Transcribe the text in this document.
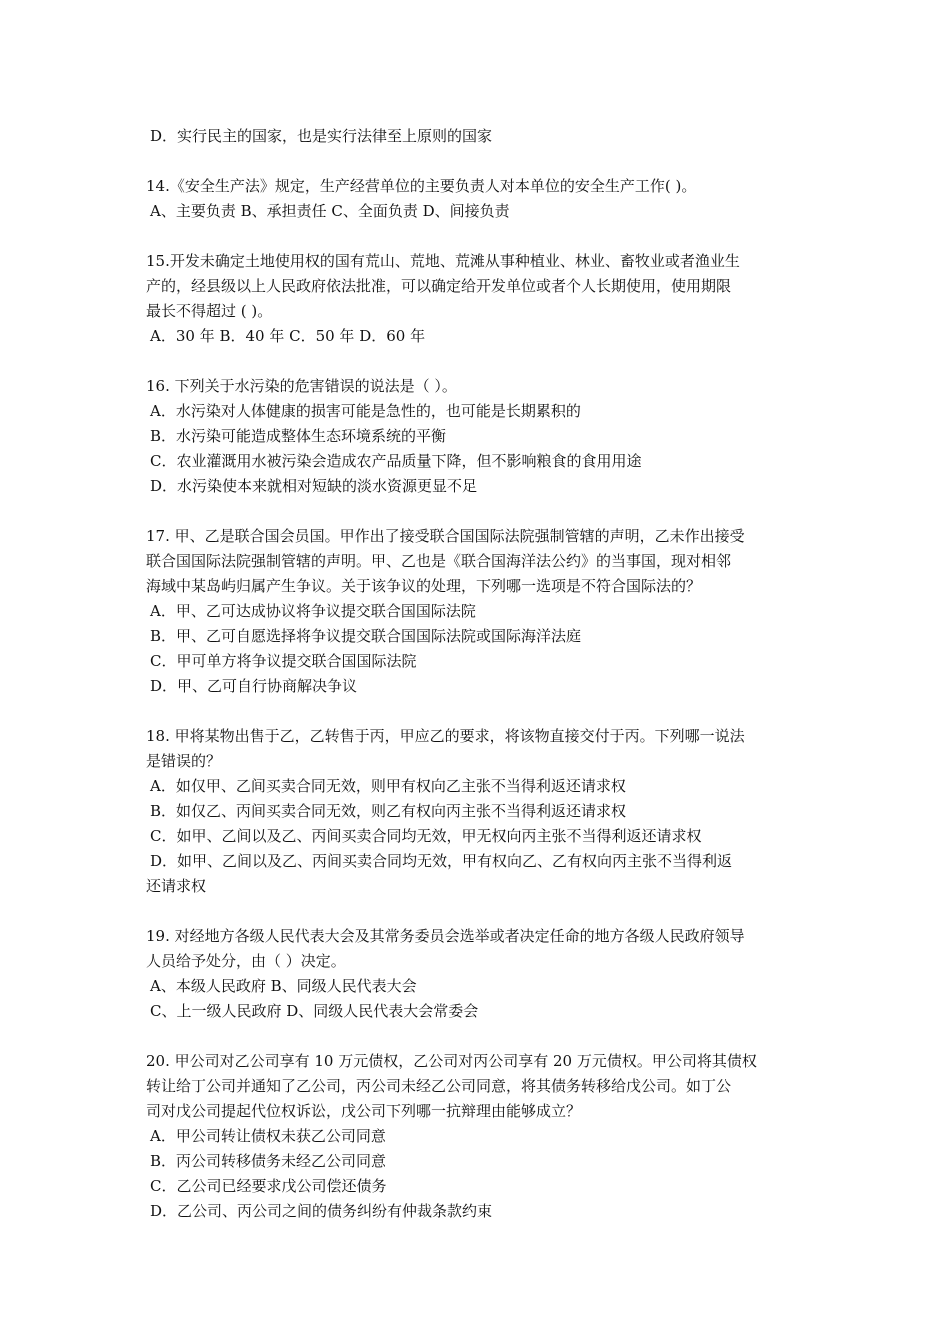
D．实行民主的国家，也是实行法律至上原则的国家
14.《安全生产法》规定，生产经营单位的主要负责人对本单位的安全生产工作( )。
A、主要负责 B、承担责任 C、全面负责 D、间接负责
15.开发未确定土地使用权的国有荒山、荒地、荒滩从事种植业、林业、畜牧业或者渔业生
产的，经县级以上人民政府依法批准，可以确定给开发单位或者个人长期使用，使用期限
最长不得超过 ( )。
A．30 年 B．40 年 C．50 年 D．60 年
16. 下列关于水污染的危害错误的说法是（ ）。
A．水污染对人体健康的损害可能是急性的，也可能是长期累积的
B．水污染可能造成整体生态环境系统的平衡
C．农业灌溉用水被污染会造成农产品质量下降，但不影响粮食的食用用途
D．水污染使本来就相对短缺的淡水资源更显不足
17. 甲、乙是联合国会员国。甲作出了接受联合国国际法院强制管辖的声明，乙未作出接受
联合国国际法院强制管辖的声明。甲、乙也是《联合国海洋法公约》的当事国，现对相邻
海域中某岛屿归属产生争议。关于该争议的处理，下列哪一选项是不符合国际法的？
A．甲、乙可达成协议将争议提交联合国国际法院
B．甲、乙可自愿选择将争议提交联合国国际法院或国际海洋法庭
C．甲可单方将争议提交联合国国际法院
D．甲、乙可自行协商解决争议
18. 甲将某物出售于乙，乙转售于丙，甲应乙的要求，将该物直接交付于丙。下列哪一说法
是错误的？
A．如仅甲、乙间买卖合同无效，则甲有权向乙主张不当得利返还请求权
B．如仅乙、丙间买卖合同无效，则乙有权向丙主张不当得利返还请求权
C．如甲、乙间以及乙、丙间买卖合同均无效，甲无权向丙主张不当得利返还请求权
D．如甲、乙间以及乙、丙间买卖合同均无效，甲有权向乙、乙有权向丙主张不当得利返
还请求权
19. 对经地方各级人民代表大会及其常务委员会选举或者决定任命的地方各级人民政府领导
人员给予处分，由（ ）决定。
A、本级人民政府 B、同级人民代表大会
C、上一级人民政府 D、同级人民代表大会常委会
20. 甲公司对乙公司享有 10 万元债权，乙公司对丙公司享有 20 万元债权。甲公司将其债权
转让给丁公司并通知了乙公司，丙公司未经乙公司同意，将其债务转移给戊公司。如丁公
司对戊公司提起代位权诉讼，戊公司下列哪一抗辩理由能够成立？
A．甲公司转让债权未获乙公司同意
B．丙公司转移债务未经乙公司同意
C．乙公司已经要求戊公司偿还债务
D．乙公司、丙公司之间的债务纠纷有仲裁条款约束
